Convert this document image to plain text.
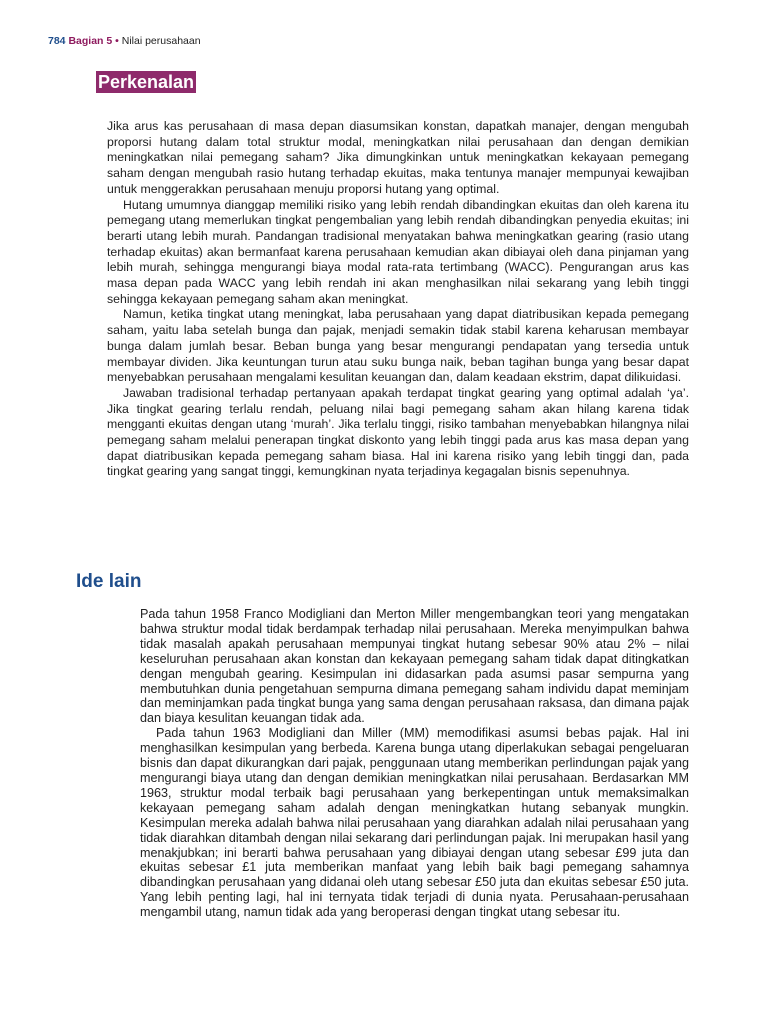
784 Bagian 5 • Nilai perusahaan
Perkenalan

Jika arus kas perusahaan di masa depan diasumsikan konstan, dapatkah manajer, dengan mengubah proporsi hutang dalam total struktur modal, meningkatkan nilai perusahaan dan dengan demikian meningkatkan nilai pemegang saham? Jika dimungkinkan untuk meningkatkan kekayaan pemegang saham dengan mengubah rasio hutang terhadap ekuitas, maka tentunya manajer mempunyai kewajiban untuk menggerakkan perusahaan menuju proporsi hutang yang optimal.

Hutang umumnya dianggap memiliki risiko yang lebih rendah dibandingkan ekuitas dan oleh karena itu pemegang utang memerlukan tingkat pengembalian yang lebih rendah dibandingkan penyedia ekuitas; ini berarti utang lebih murah. Pandangan tradisional menyatakan bahwa meningkatkan gearing (rasio utang terhadap ekuitas) akan bermanfaat karena perusahaan kemudian akan dibiayai oleh dana pinjaman yang lebih murah, sehingga mengurangi biaya modal rata-rata tertimbang (WACC). Pengurangan arus kas masa depan pada WACC yang lebih rendah ini akan menghasilkan nilai sekarang yang lebih tinggi sehingga kekayaan pemegang saham akan meningkat.

Namun, ketika tingkat utang meningkat, laba perusahaan yang dapat diatribusikan kepada pemegang saham, yaitu laba setelah bunga dan pajak, menjadi semakin tidak stabil karena keharusan membayar bunga dalam jumlah besar. Beban bunga yang besar mengurangi pendapatan yang tersedia untuk membayar dividen. Jika keuntungan turun atau suku bunga naik, beban tagihan bunga yang besar dapat menyebabkan perusahaan mengalami kesulitan keuangan dan, dalam keadaan ekstrim, dapat dilikuidasi.

Jawaban tradisional terhadap pertanyaan apakah terdapat tingkat gearing yang optimal adalah ‘ya’. Jika tingkat gearing terlalu rendah, peluang nilai bagi pemegang saham akan hilang karena tidak mengganti ekuitas dengan utang ‘murah’. Jika terlalu tinggi, risiko tambahan menyebabkan hilangnya nilai pemegang saham melalui penerapan tingkat diskonto yang lebih tinggi pada arus kas masa depan yang dapat diatribusikan kepada pemegang saham biasa. Hal ini karena risiko yang lebih tinggi dan, pada tingkat gearing yang sangat tinggi, kemungkinan nyata terjadinya kegagalan bisnis sepenuhnya.

Ide lain

Pada tahun 1958 Franco Modigliani dan Merton Miller mengembangkan teori yang mengatakan bahwa struktur modal tidak berdampak terhadap nilai perusahaan. Mereka menyimpulkan bahwa tidak masalah apakah perusahaan mempunyai tingkat hutang sebesar 90% atau 2% – nilai keseluruhan perusahaan akan konstan dan kekayaan pemegang saham tidak dapat ditingkatkan dengan mengubah gearing. Kesimpulan ini didasarkan pada asumsi pasar sempurna yang membutuhkan dunia pengetahuan sempurna dimana pemegang saham individu dapat meminjam dan meminjamkan pada tingkat bunga yang sama dengan perusahaan raksasa, dan dimana pajak dan biaya kesulitan keuangan tidak ada.

Pada tahun 1963 Modigliani dan Miller (MM) memodifikasi asumsi bebas pajak. Hal ini menghasilkan kesimpulan yang berbeda. Karena bunga utang diperlakukan sebagai pengeluaran bisnis dan dapat dikurangkan dari pajak, penggunaan utang memberikan perlindungan pajak yang mengurangi biaya utang dan dengan demikian meningkatkan nilai perusahaan. Berdasarkan MM 1963, struktur modal terbaik bagi perusahaan yang berkepentingan untuk memaksimalkan kekayaan pemegang saham adalah dengan meningkatkan hutang sebanyak mungkin. Kesimpulan mereka adalah bahwa nilai perusahaan yang diarahkan adalah nilai perusahaan yang tidak diarahkan ditambah dengan nilai sekarang dari perlindungan pajak. Ini merupakan hasil yang menakjubkan; ini berarti bahwa perusahaan yang dibiayai dengan utang sebesar £99 juta dan ekuitas sebesar £1 juta memberikan manfaat yang lebih baik bagi pemegang sahamnya dibandingkan perusahaan yang didanai oleh utang sebesar £50 juta dan ekuitas sebesar £50 juta. Yang lebih penting lagi, hal ini ternyata tidak terjadi di dunia nyata. Perusahaan-perusahaan mengambil utang, namun tidak ada yang beroperasi dengan tingkat utang sebesar itu.
